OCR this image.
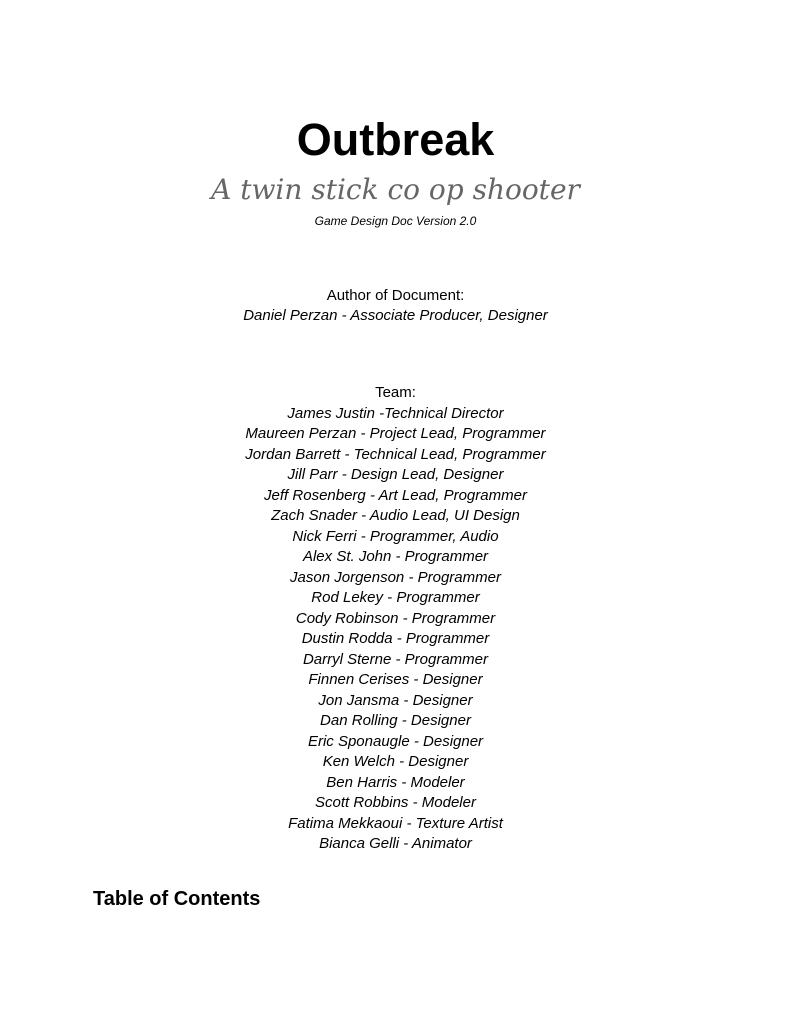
Outbreak

A twin stick co op shooter

Game Design Doc Version 2.0

Author of Document:

Daniel Perzan - Associate Producer, Designer

Team:

James Justin -Technical Director
Maureen Perzan - Project Lead, Programmer
Jordan Barrett - Technical Lead, Programmer
Jill Parr - Design Lead, Designer
Jeff Rosenberg - Art Lead, Programmer
Zach Snader - Audio Lead, UI Design
Nick Ferri - Programmer, Audio
Alex St. John - Programmer
Jason Jorgenson - Programmer
Rod Lekey - Programmer
Cody Robinson - Programmer
Dustin Rodda - Programmer
Darryl Sterne - Programmer
Finnen Cerises - Designer
Jon Jansma - Designer
Dan Rolling - Designer
Eric Sponaugle - Designer
Ken Welch - Designer
Ben Harris - Modeler
Scott Robbins - Modeler
Fatima Mekkaoui - Texture Artist
Bianca Gelli - Animator
Table of Contents
